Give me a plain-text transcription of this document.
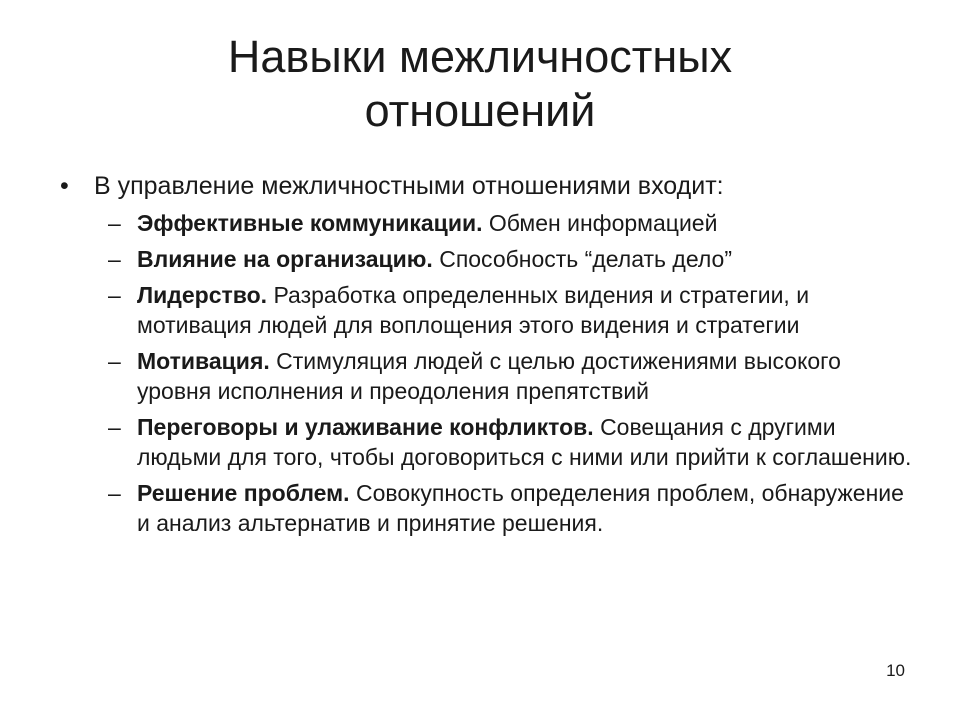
Навыки межличностных
отношений
• В управление межличностными отношениями входит:
– Эффективные коммуникации. Обмен информацией
– Влияние на организацию. Способность “делать дело”
– Лидерство. Разработка определенных видения и стратегии, и мотивация людей для воплощения этого видения и стратегии
– Мотивация. Стимуляция людей с целью достижениями высокого уровня исполнения и преодоления препятствий
– Переговоры и улаживание конфликтов. Совещания с другими людьми для того, чтобы договориться с ними или прийти к соглашению.
– Решение проблем. Совокупность определения проблем, обнаружение и анализ альтернатив и принятие решения.
10
